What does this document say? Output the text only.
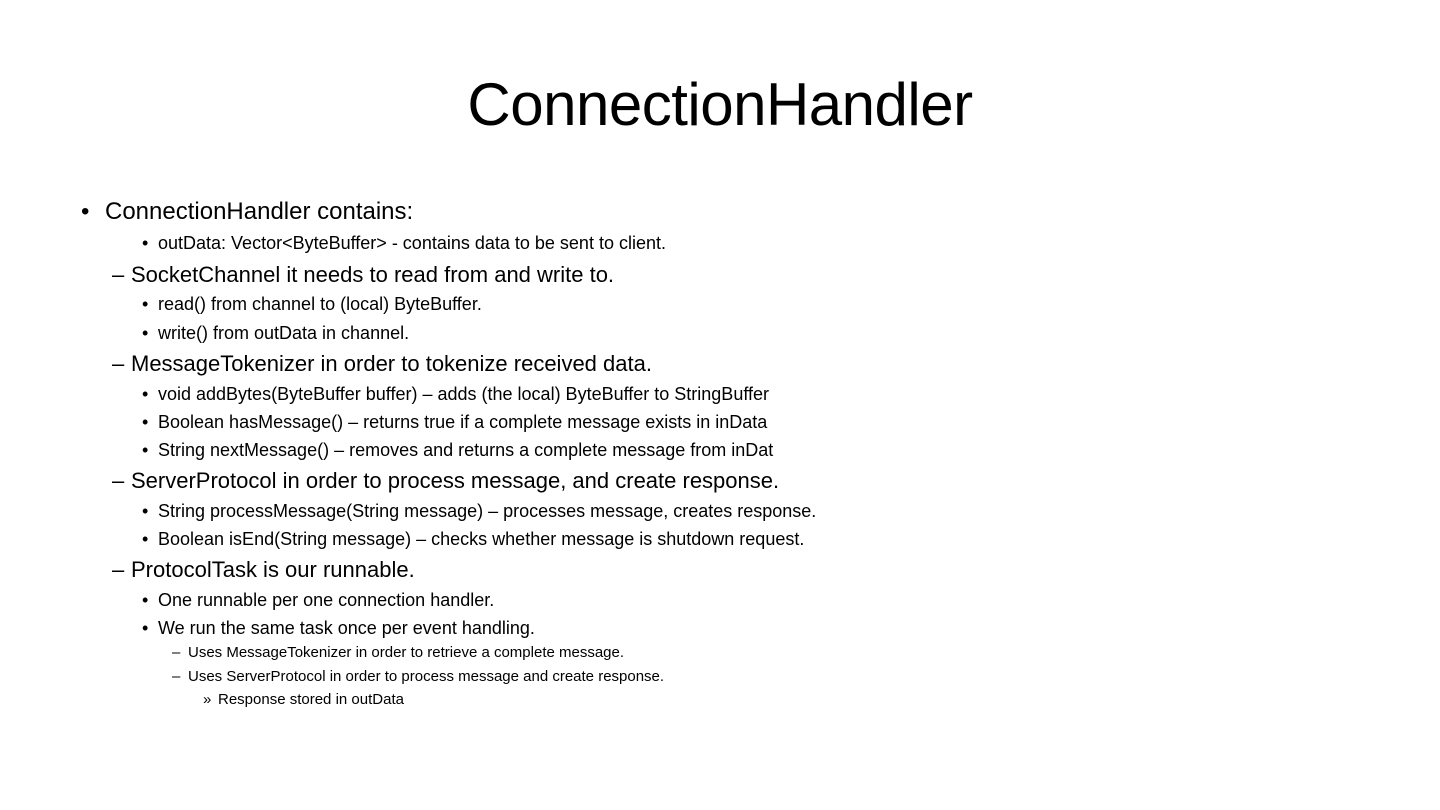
ConnectionHandler
• ConnectionHandler contains:
• outData: Vector<ByteBuffer> - contains data to be sent to client.
– SocketChannel it needs to read from and write to.
• read() from channel to (local) ByteBuffer.
• write() from outData in channel.
– MessageTokenizer in order to tokenize received data.
• void addBytes(ByteBuffer buffer) – adds (the local) ByteBuffer to StringBuffer
• Boolean hasMessage() – returns true if a complete message exists in inData
• String nextMessage() – removes and returns a complete message from inDat
– ServerProtocol in order to process message, and create response.
• String processMessage(String message) – processes message, creates response.
• Boolean isEnd(String message) – checks whether message is shutdown request.
– ProtocolTask is our runnable.
• One runnable per one connection handler.
• We run the same task once per event handling.
– Uses MessageTokenizer in order to retrieve a complete message.
– Uses ServerProtocol in order to process message and create response.
» Response stored in outData
